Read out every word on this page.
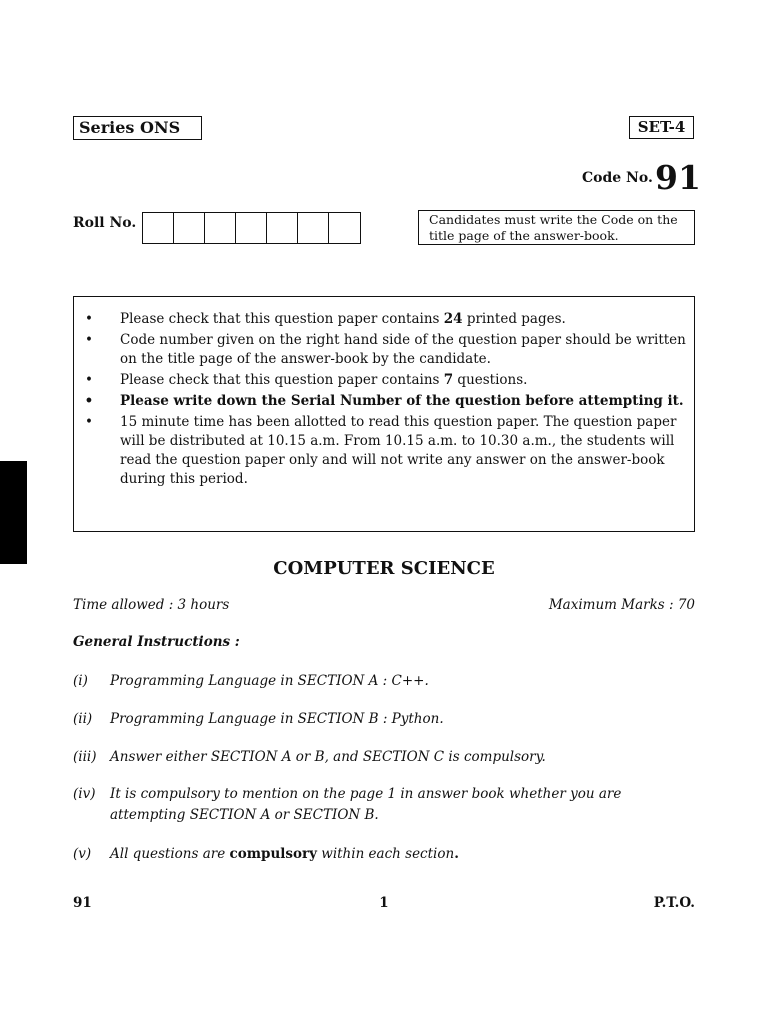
Series ONS	SET-4
Code No. 91
Roll No.	Candidates must write the Code on the title page of the answer-book.
• Please check that this question paper contains 24 printed pages.
• Code number given on the right hand side of the question paper should be written on the title page of the answer-book by the candidate.
• Please check that this question paper contains 7 questions.
• Please write down the Serial Number of the question before attempting it.
• 15 minute time has been allotted to read this question paper. The question paper will be distributed at 10.15 a.m. From 10.15 a.m. to 10.30 a.m., the students will read the question paper only and will not write any answer on the answer-book during this period.
COMPUTER SCIENCE
Time allowed : 3 hours	Maximum Marks : 70
General Instructions :
(i) Programming Language in SECTION A : C++.
(ii) Programming Language in SECTION B : Python.
(iii) Answer either SECTION A or B, and SECTION C is compulsory.
(iv) It is compulsory to mention on the page 1 in answer book whether you are attempting SECTION A or SECTION B.
(v) All questions are compulsory within each section.
91	1	P.T.O.
